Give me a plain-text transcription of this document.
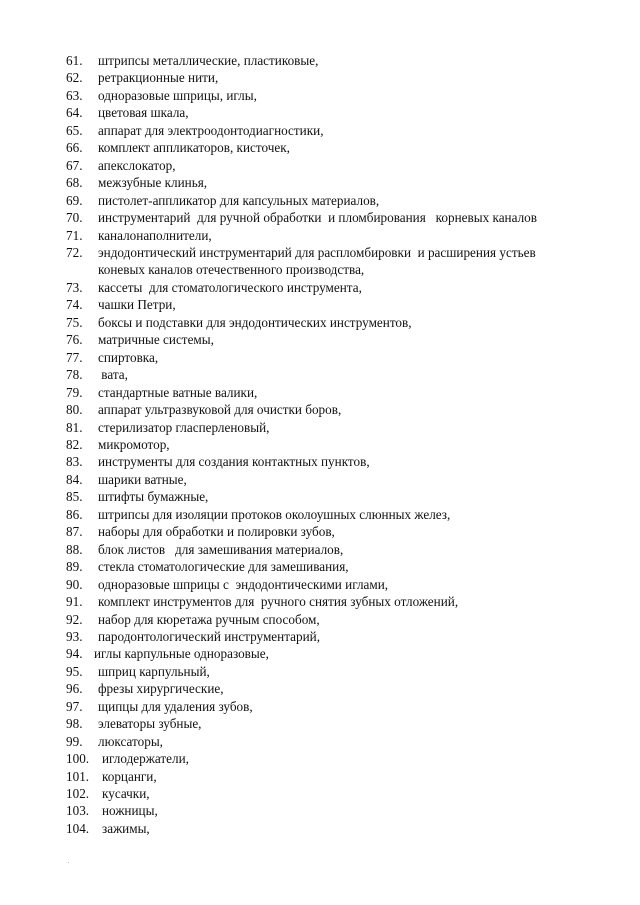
61.	штрипсы металлические, пластиковые,
62.	ретракционные нити,
63.	одноразовые шприцы, иглы,
64.	цветовая шкала,
65.	аппарат для электроодонтодиагностики,
66.	комплект аппликаторов, кисточек,
67.	апекслокатор,
68.	межзубные клинья,
69.	пистолет-аппликатор для капсульных материалов,
70.	инструментарий  для ручной обработки  и пломбирования   корневых каналов
71.	каналонаполнители,
72.	эндодонтический инструментарий для распломбировки  и расширения устьев
коневых каналов отечественного производства,
73.	кассеты  для стоматологического инструмента,
74.	чашки Петри,
75.	боксы и подставки для эндодонтических инструментов,
76.	матричные системы,
77.	спиртовка,
78.	вата,
79.	стандартные ватные валики,
80.	аппарат ультразвуковой для очистки боров,
81.	стерилизатор гласперленовый,
82.	микромотор,
83.	инструменты для создания контактных пунктов,
84.	шарики ватные,
85.	штифты бумажные,
86.	штрипсы для изоляции протоков околоушных слюнных желез,
87.	наборы для обработки и полировки зубов,
88.	блок листов   для замешивания материалов,
89.	стекла стоматологические для замешивания,
90.	одноразовые шприцы с  эндодонтическими иглами,
91.	комплект инструментов для  ручного снятия зубных отложений,
92.	набор для кюретажа ручным способом,
93.	пародонтологический инструментарий,
94. иглы карпульные одноразовые,
95.	шприц карпульный,
96.	фрезы хирургические,
97.	щипцы для удаления зубов,
98.	элеваторы зубные,
99.	люксаторы,
100. иглодержатели,
101. корцанги,
102. кусачки,
103. ножницы,
104. зажимы,
